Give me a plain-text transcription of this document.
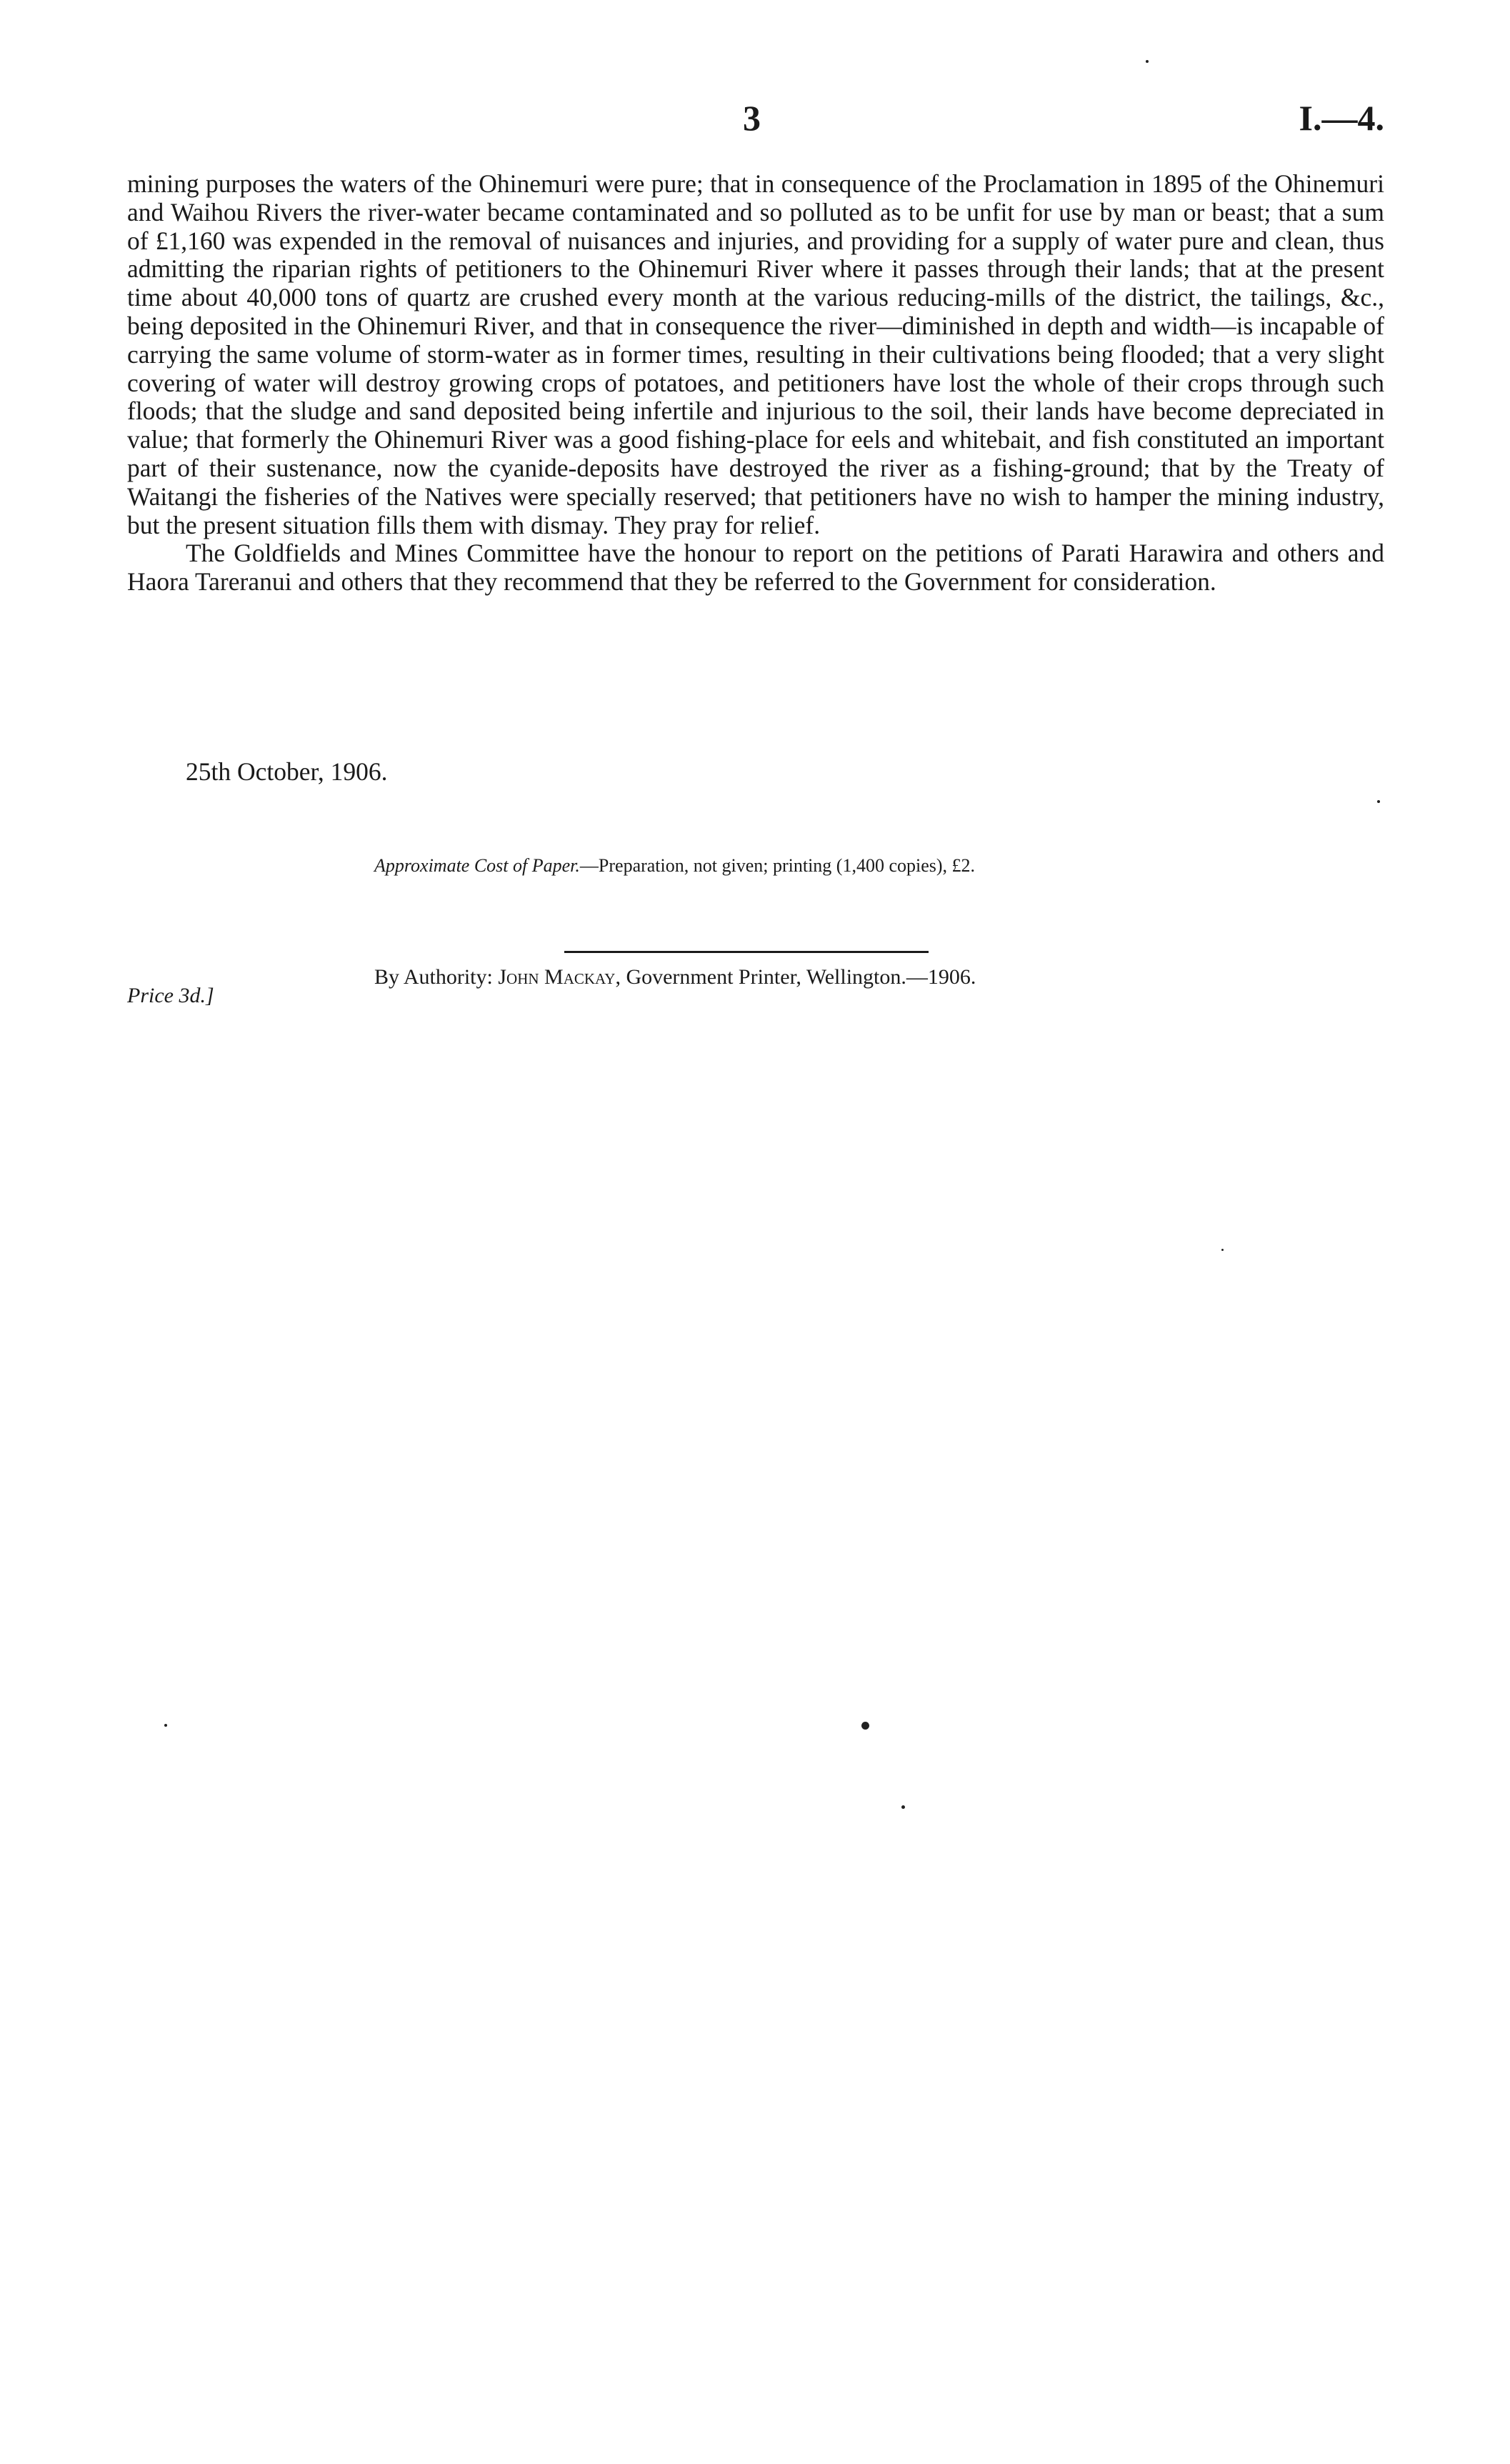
3	I.—4.

mining purposes the waters of the Ohinemuri were pure; that in consequence of the Proclamation in 1895 of the Ohinemuri and Waihou Rivers the river-water became contaminated and so polluted as to be unfit for use by man or beast; that a sum of £1,160 was expended in the removal of nuisances and injuries, and providing for a supply of water pure and clean, thus admitting the riparian rights of petitioners to the Ohinemuri River where it passes through their lands; that at the present time about 40,000 tons of quartz are crushed every month at the various reducing-mills of the district, the tailings, &c., being deposited in the Ohinemuri River, and that in consequence the river—diminished in depth and width—is incapable of carrying the same volume of storm-water as in former times, resulting in their cultivations being flooded; that a very slight covering of water will destroy growing crops of potatoes, and petitioners have lost the whole of their crops through such floods; that the sludge and sand deposited being infertile and injurious to the soil, their lands have become depreciated in value; that formerly the Ohinemuri River was a good fishing-place for eels and whitebait, and fish constituted an important part of their sustenance, now the cyanide-deposits have destroyed the river as a fishing-ground; that by the Treaty of Waitangi the fisheries of the Natives were specially reserved; that petitioners have no wish to hamper the mining industry, but the present situation fills them with dismay. They pray for relief.

The Goldfields and Mines Committee have the honour to report on the petitions of Parati Harawira and others and Haora Tareranui and others that they recommend that they be referred to the Government for consideration.

25th October, 1906.
Approximate Cost of Paper.—Preparation, not given; printing (1,400 copies), £2.
By Authority: John Mackay, Government Printer, Wellington.—1906.
Price 3d.]
